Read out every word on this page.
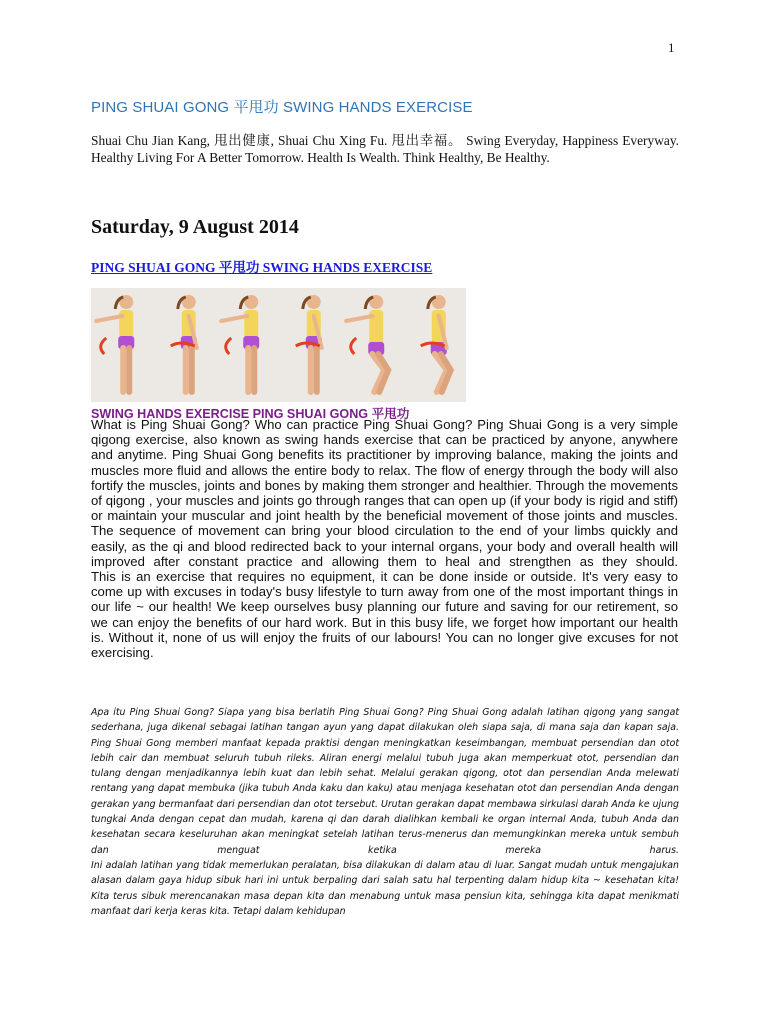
1
PING SHUAI GONG 平甩功 SWING HANDS EXERCISE
Shuai Chu Jian Kang, 甩出健康, Shuai Chu Xing Fu. 甩出幸福。 Swing Everyday, Happiness Everyway. Healthy Living For A Better Tomorrow. Health Is Wealth. Think Healthy, Be Healthy.
Saturday, 9 August 2014
PING SHUAI GONG 平甩功 SWING HANDS EXERCISE
SWING HANDS EXERCISE PING SHUAI GONG 平甩功

What is Ping Shuai Gong? Who can practice Ping Shuai Gong? Ping Shuai Gong is a very simple qigong exercise, also known as swing hands exercise that can be practiced by anyone, anywhere and anytime. Ping Shuai Gong benefits its practitioner by improving balance, making the joints and muscles more fluid and allows the entire body to relax. The flow of energy through the body will also fortify the muscles, joints and bones by making them stronger and healthier. Through the movements of qigong , your muscles and joints go through ranges that can open up (if your body is rigid and stiff) or maintain your muscular and joint health by the beneficial movement of those joints and muscles. The sequence of movement can bring your blood circulation to the end of your limbs quickly and easily, as the qi and blood redirected back to your internal organs, your body and overall health will improved after constant practice and allowing them to heal and strengthen as they should.

This is an exercise that requires no equipment, it can be done inside or outside. It's very easy to come up with excuses in today's busy lifestyle to turn away from one of the most important things in our life ~ our health! We keep ourselves busy planning our future and saving for our retirement, so we can enjoy the benefits of our hard work. But in this busy life, we forget how important our health is. Without it, none of us will enjoy the fruits of our labours! You can no longer give excuses for not exercising.

Apa itu Ping Shuai Gong? Siapa yang bisa berlatih Ping Shuai Gong? Ping Shuai Gong adalah latihan qigong yang sangat sederhana, juga dikenal sebagai latihan tangan ayun yang dapat dilakukan oleh siapa saja, di mana saja dan kapan saja. Ping Shuai Gong memberi manfaat kepada praktisi dengan meningkatkan keseimbangan, membuat persendian dan otot lebih cair dan membuat seluruh tubuh rileks. Aliran energi melalui tubuh juga akan memperkuat otot, persendian dan tulang dengan menjadikannya lebih kuat dan lebih sehat. Melalui gerakan qigong, otot dan persendian Anda melewati rentang yang dapat membuka (jika tubuh Anda kaku dan kaku) atau menjaga kesehatan otot dan persendian Anda dengan gerakan yang bermanfaat dari persendian dan otot tersebut. Urutan gerakan dapat membawa sirkulasi darah Anda ke ujung tungkai Anda dengan cepat dan mudah, karena qi dan darah dialihkan kembali ke organ internal Anda, tubuh Anda dan kesehatan secara keseluruhan akan meningkat setelah latihan terus-menerus dan memungkinkan mereka untuk sembuh dan menguat ketika mereka harus.

Ini adalah latihan yang tidak memerlukan peralatan, bisa dilakukan di dalam atau di luar. Sangat mudah untuk mengajukan alasan dalam gaya hidup sibuk hari ini untuk berpaling dari salah satu hal terpenting dalam hidup kita ~ kesehatan kita! Kita terus sibuk merencanakan masa depan kita dan menabung untuk masa pensiun kita, sehingga kita dapat menikmati manfaat dari kerja keras kita. Tetapi dalam kehidupan
